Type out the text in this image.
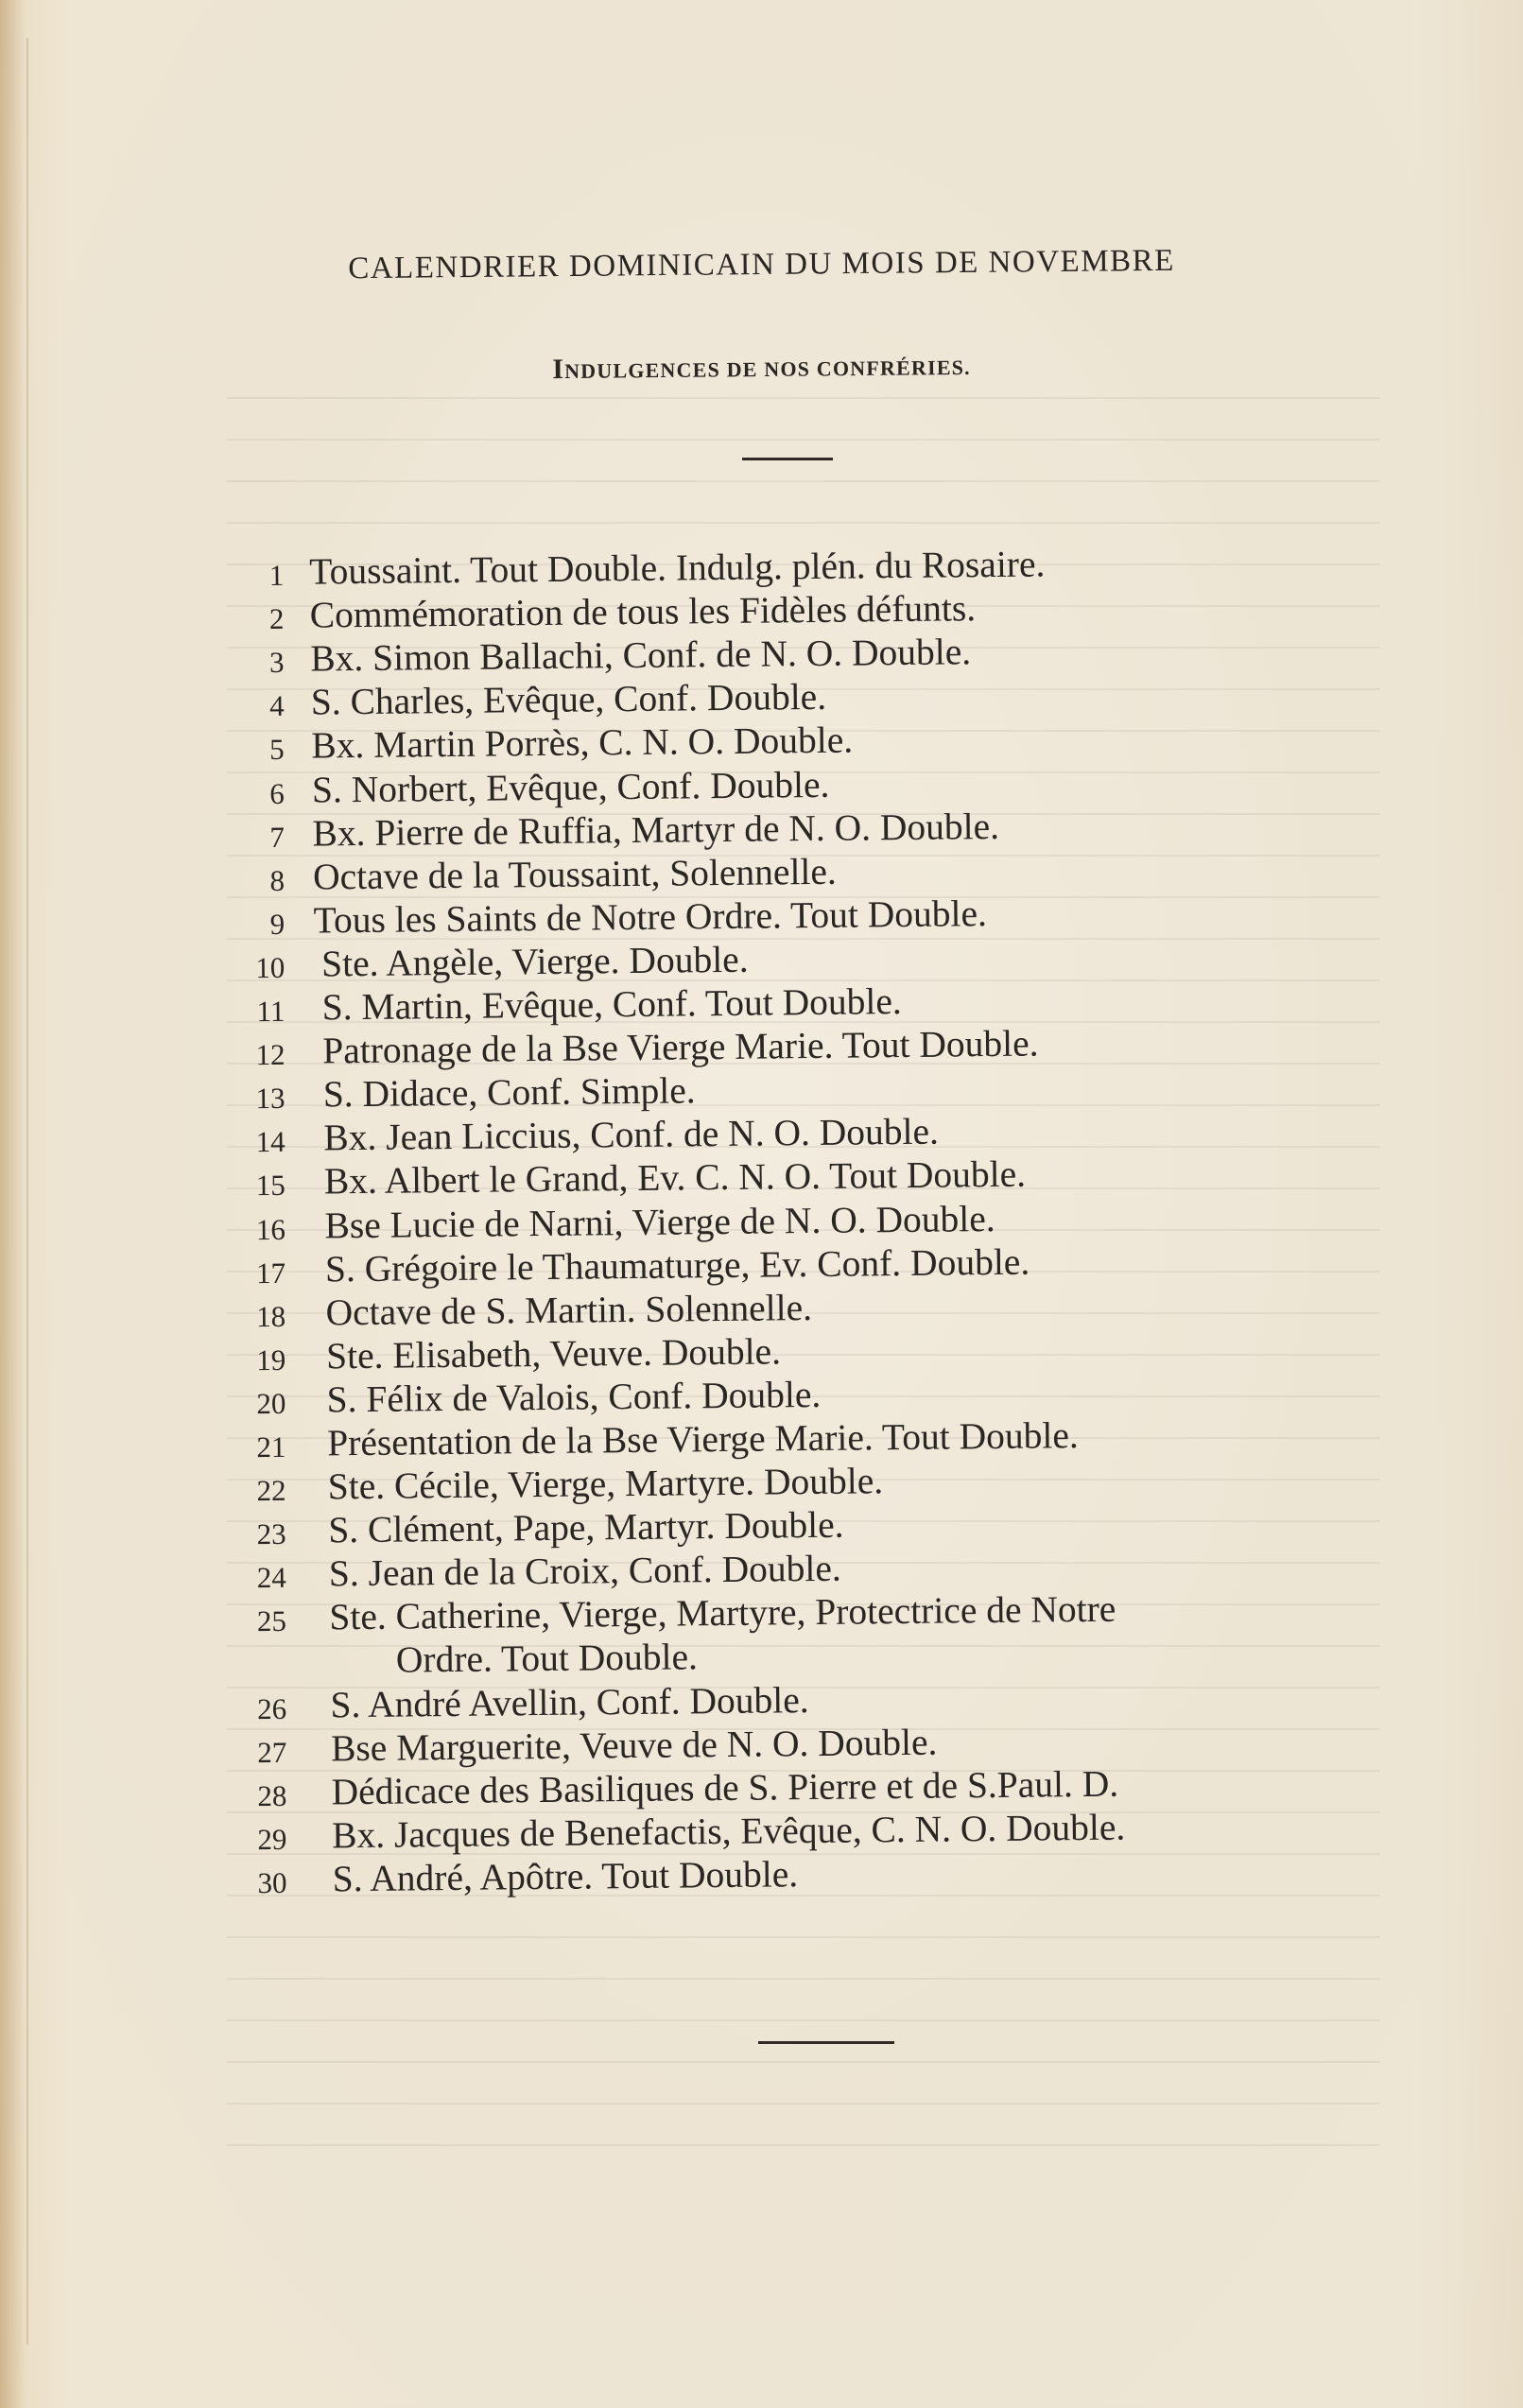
CALENDRIER DOMINICAIN DU MOIS DE NOVEMBRE
INDULGENCES DE NOS CONFRÉRIES.
1 Toussaint. Tout Double. Indulg. plén. du Rosaire.
2 Commémoration de tous les Fidèles défunts.
3 Bx. Simon Ballachi, Conf. de N. O. Double.
4 S. Charles, Evêque, Conf. Double.
5 Bx. Martin Porrès, C. N. O. Double.
6 S. Norbert, Evêque, Conf. Double.
7 Bx. Pierre de Ruffia, Martyr de N. O. Double.
8 Octave de la Toussaint, Solennelle.
9 Tous les Saints de Notre Ordre. Tout Double.
10 Ste. Angèle, Vierge. Double.
11 S. Martin, Evêque, Conf. Tout Double.
12 Patronage de la Bse Vierge Marie. Tout Double.
13 S. Didace, Conf. Simple.
14 Bx. Jean Liccius, Conf. de N. O. Double.
15 Bx. Albert le Grand, Ev. C. N. O. Tout Double.
16 Bse Lucie de Narni, Vierge de N. O. Double.
17 S. Grégoire le Thaumaturge, Ev. Conf. Double.
18 Octave de S. Martin. Solennelle.
19 Ste. Elisabeth, Veuve. Double.
20 S. Félix de Valois, Conf. Double.
21 Présentation de la Bse Vierge Marie. Tout Double.
22 Ste. Cécile, Vierge, Martyre. Double.
23 S. Clément, Pape, Martyr. Double.
24 S. Jean de la Croix, Conf. Double.
25 Ste. Catherine, Vierge, Martyre, Protectrice de Notre
Ordre. Tout Double.
26 S. André Avellin, Conf. Double.
27 Bse Marguerite, Veuve de N. O. Double.
28 Dédicace des Basiliques de S. Pierre et de S.Paul. D.
29 Bx. Jacques de Benefactis, Evêque, C. N. O. Double.
30 S. André, Apôtre. Tout Double.
